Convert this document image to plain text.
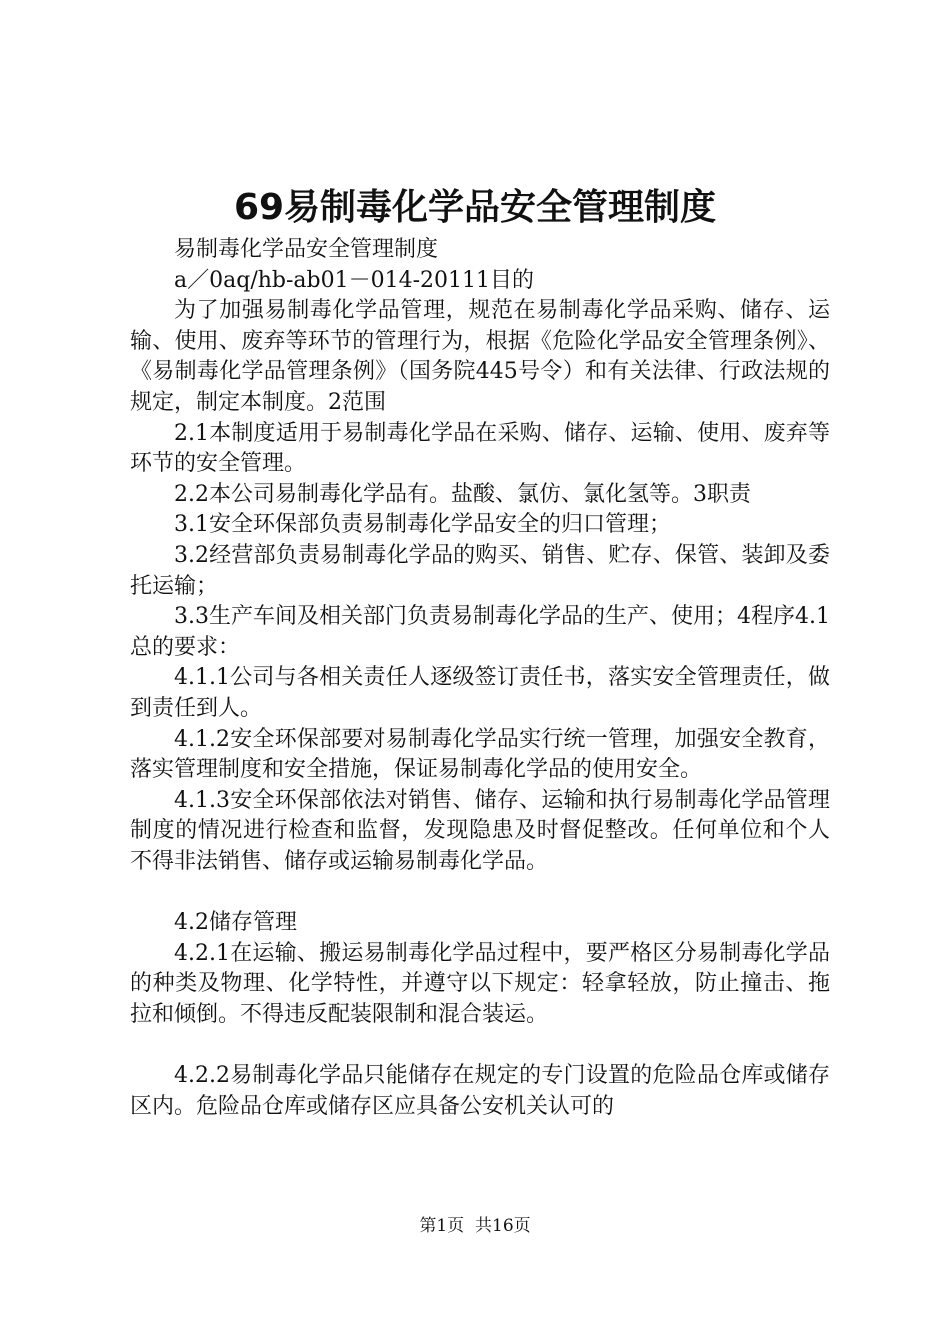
69易制毒化学品安全管理制度

易制毒化学品安全管理制度

a／0aq/hb-ab01－014-20111目的

为了加强易制毒化学品管理，规范在易制毒化学品采购、储存、运输、使用、废弃等环节的管理行为，根据《危险化学品安全管理条例》、《易制毒化学品管理条例》（国务院445号令）和有关法律、行政法规的规定，制定本制度。2范围

2.1本制度适用于易制毒化学品在采购、储存、运输、使用、废弃等环节的安全管理。

2.2本公司易制毒化学品有。盐酸、氯仿、氯化氢等。3职责

3.1安全环保部负责易制毒化学品安全的归口管理；

3.2经营部负责易制毒化学品的购买、销售、贮存、保管、装卸及委托运输；

3.3生产车间及相关部门负责易制毒化学品的生产、使用；4程序4.1总的要求：

4.1.1公司与各相关责任人逐级签订责任书，落实安全管理责任，做到责任到人。

4.1.2安全环保部要对易制毒化学品实行统一管理，加强安全教育，落实管理制度和安全措施，保证易制毒化学品的使用安全。

4.1.3安全环保部依法对销售、储存、运输和执行易制毒化学品管理制度的情况进行检查和监督，发现隐患及时督促整改。任何单位和个人不得非法销售、储存或运输易制毒化学品。

4.2储存管理

4.2.1在运输、搬运易制毒化学品过程中，要严格区分易制毒化学品的种类及物理、化学特性，并遵守以下规定：轻拿轻放，防止撞击、拖拉和倾倒。不得违反配装限制和混合装运。

4.2.2易制毒化学品只能储存在规定的专门设置的危险品仓库或储存区内。危险品仓库或储存区应具备公安机关认可的

第1页 共16页
